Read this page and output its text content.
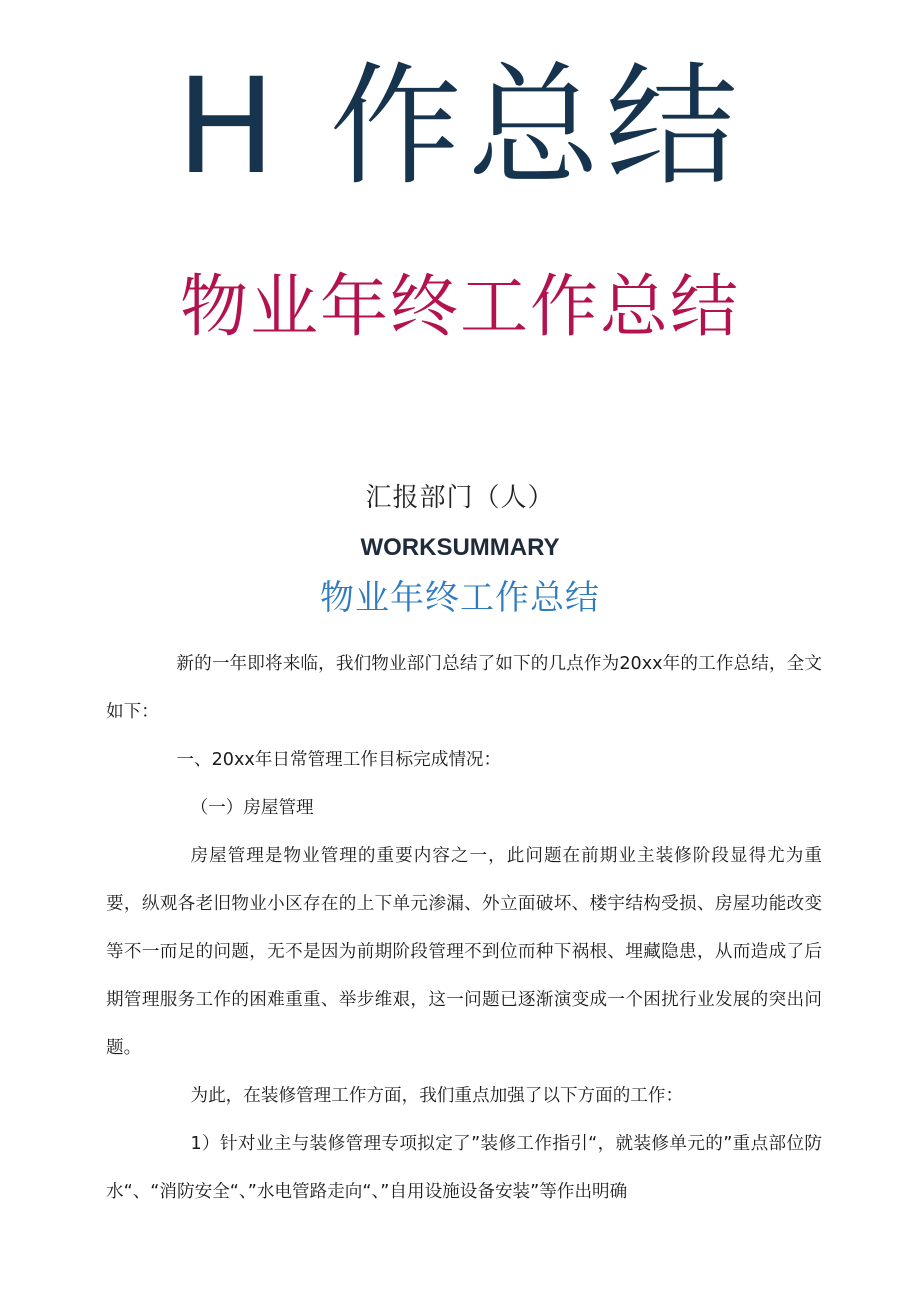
H 作总结
物业年终工作总结
汇报部门（人）
WORKSUMMARY
物业年终工作总结

新的一年即将来临，我们物业部门总结了如下的几点作为20xx年的工作总结，全文如下：

一、20xx年日常管理工作目标完成情况：

（一）房屋管理

房屋管理是物业管理的重要内容之一，此问题在前期业主装修阶段显得尤为重要，纵观各老旧物业小区存在的上下单元渗漏、外立面破坏、楼宇结构受损、房屋功能改变等不一而足的问题，无不是因为前期阶段管理不到位而种下祸根、埋藏隐患，从而造成了后期管理服务工作的困难重重、举步维艰，这一问题已逐渐演变成一个困扰行业发展的突出问题。

为此，在装修管理工作方面，我们重点加强了以下方面的工作：

1）针对业主与装修管理专项拟定了”装修工作指引“，就装修单元的”重点部位防水“、“消防安全“、”水电管路走向“、”自用设施设备安装”等作出明确
